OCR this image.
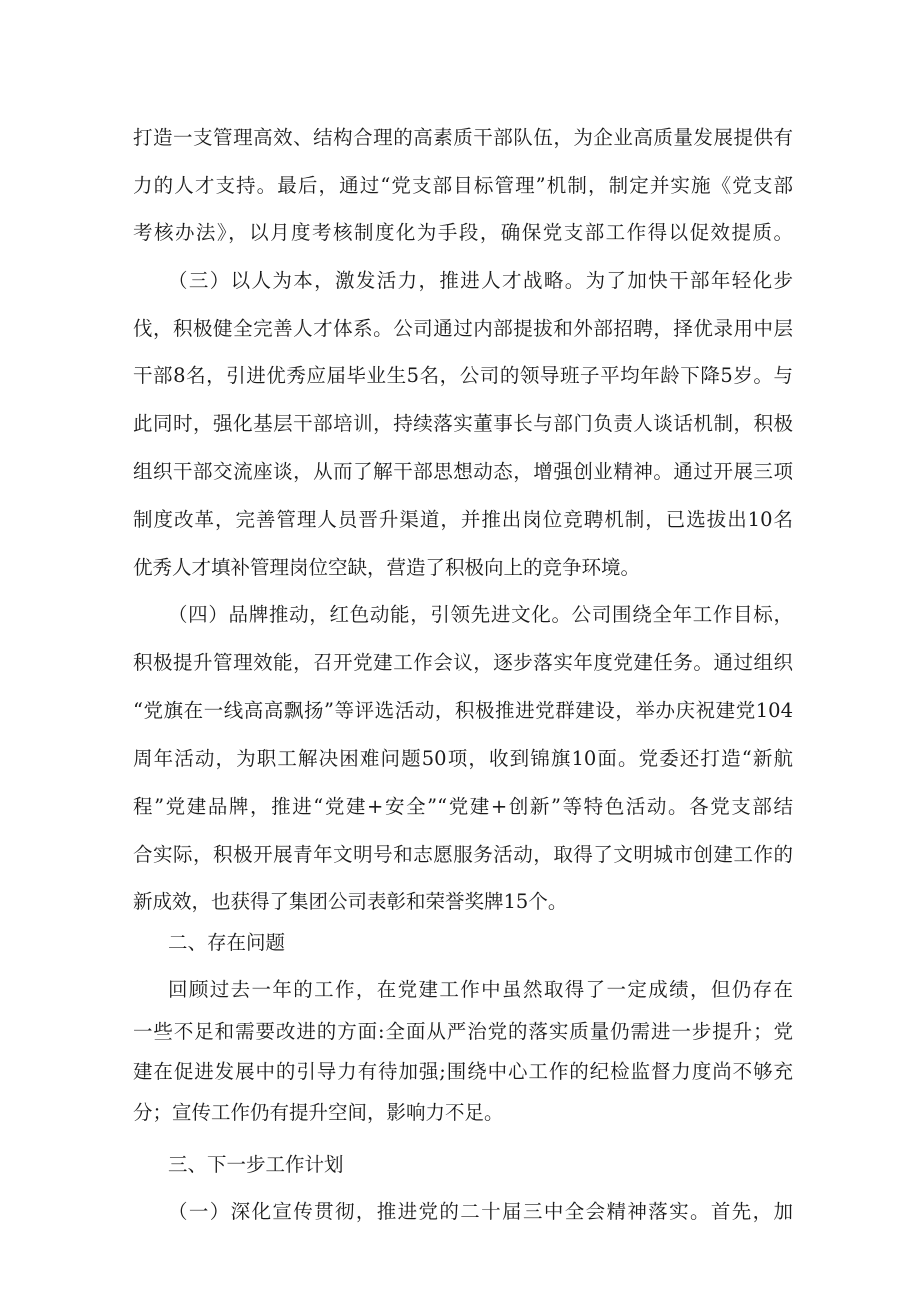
打造一支管理高效、结构合理的高素质干部队伍，为企业高质量发展提供有
力的人才支持。最后，通过“党支部目标管理”机制，制定并实施《党支部
考核办法》，以月度考核制度化为手段，确保党支部工作得以促效提质。
（三）以人为本，激发活力，推进人才战略。为了加快干部年轻化步
伐，积极健全完善人才体系。公司通过内部提拔和外部招聘，择优录用中层
干部8名，引进优秀应届毕业生5名，公司的领导班子平均年龄下降5岁。与
此同时，强化基层干部培训，持续落实董事长与部门负责人谈话机制，积极
组织干部交流座谈，从而了解干部思想动态，增强创业精神。通过开展三项
制度改革，完善管理人员晋升渠道，并推出岗位竞聘机制，已选拔出10名
优秀人才填补管理岗位空缺，营造了积极向上的竞争环境。
（四）品牌推动，红色动能，引领先进文化。公司围绕全年工作目标，
积极提升管理效能，召开党建工作会议，逐步落实年度党建任务。通过组织
“党旗在一线高高飘扬”等评选活动，积极推进党群建设，举办庆祝建党104
周年活动，为职工解决困难问题50项，收到锦旗10面。党委还打造“新航
程”党建品牌，推进“党建+安全”“党建+创新”等特色活动。各党支部结
合实际，积极开展青年文明号和志愿服务活动，取得了文明城市创建工作的
新成效，也获得了集团公司表彰和荣誉奖牌15个。
二、存在问题
回顾过去一年的工作，在党建工作中虽然取得了一定成绩，但仍存在
一些不足和需要改进的方面:全面从严治党的落实质量仍需进一步提升；党
建在促进发展中的引导力有待加强;围绕中心工作的纪检监督力度尚不够充
分；宣传工作仍有提升空间，影响力不足。
三、下一步工作计划
（一）深化宣传贯彻，推进党的二十届三中全会精神落实。首先，加
